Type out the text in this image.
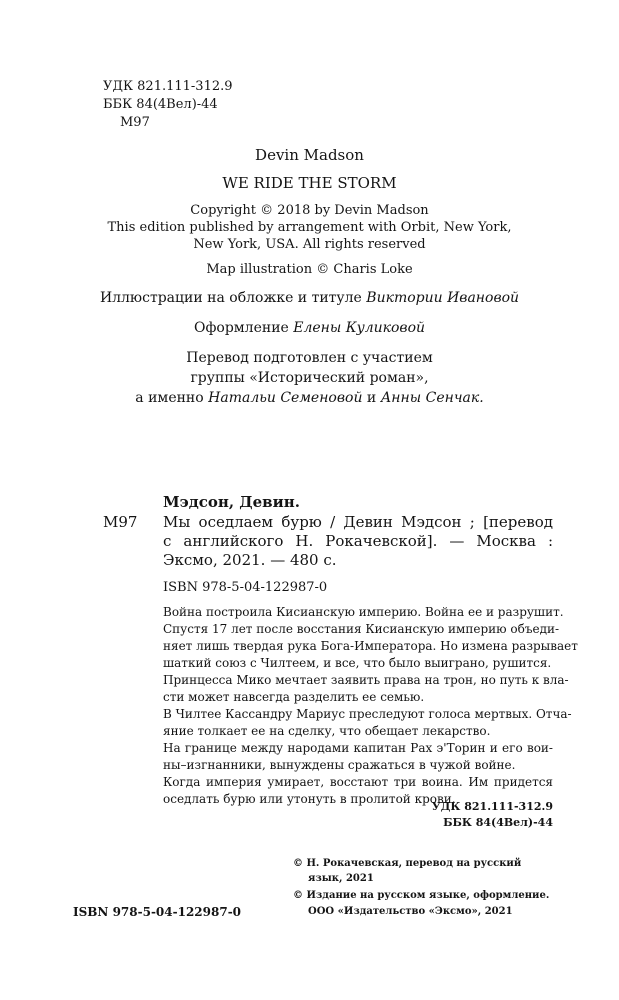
УДК 821.111-312.9
ББК 84(4Вел)-44
М97
Devin Madson
WE RIDE THE STORM
Copyright © 2018 by Devin Madson
This edition published by arrangement with Orbit, New York,
New York, USA. All rights reserved
Map illustration © Charis Loke
Иллюстрации на обложке и титуле Виктории Ивановой
Оформление Елены Куликовой
Перевод подготовлен с участием
группы «Исторический роман»,
а именно Натальи Семеновой и Анны Сенчак.
М97
Мэдсон, Девин.
Мы оседлаем бурю / Девин Мэдсон ; [перевод
с английского Н. Рокачевской]. — Москва :
Эксмо, 2021. — 480 с.
ISBN 978-5-04-122987-0
Война построила Кисианскую империю. Война ее и разрушит.
Спустя 17 лет после восстания Кисианскую империю объеди-
няет лишь твердая рука Бога-Императора. Но измена разрывает
шаткий союз с Чилтеем, и все, что было выиграно, рушится.
Принцесса Мико мечтает заявить права на трон, но путь к вла-
сти может навсегда разделить ее семью.
В Чилтее Кассандру Мариус преследуют голоса мертвых. Отча-
яние толкает ее на сделку, что обещает лекарство.
На границе между народами капитан Рах э'Торин и его вои-
ны–изгнанники, вынуждены сражаться в чужой войне.
Когда империя умирает, восстают три воина. Им придется
оседлать бурю или утонуть в пролитой крови.
УДК 821.111-312.9
ББК 84(4Вел)-44
ISBN 978-5-04-122987-0
© Н. Рокачевская, перевод на русский
язык, 2021
© Издание на русском языке, оформление.
ООО «Издательство «Эксмо», 2021
